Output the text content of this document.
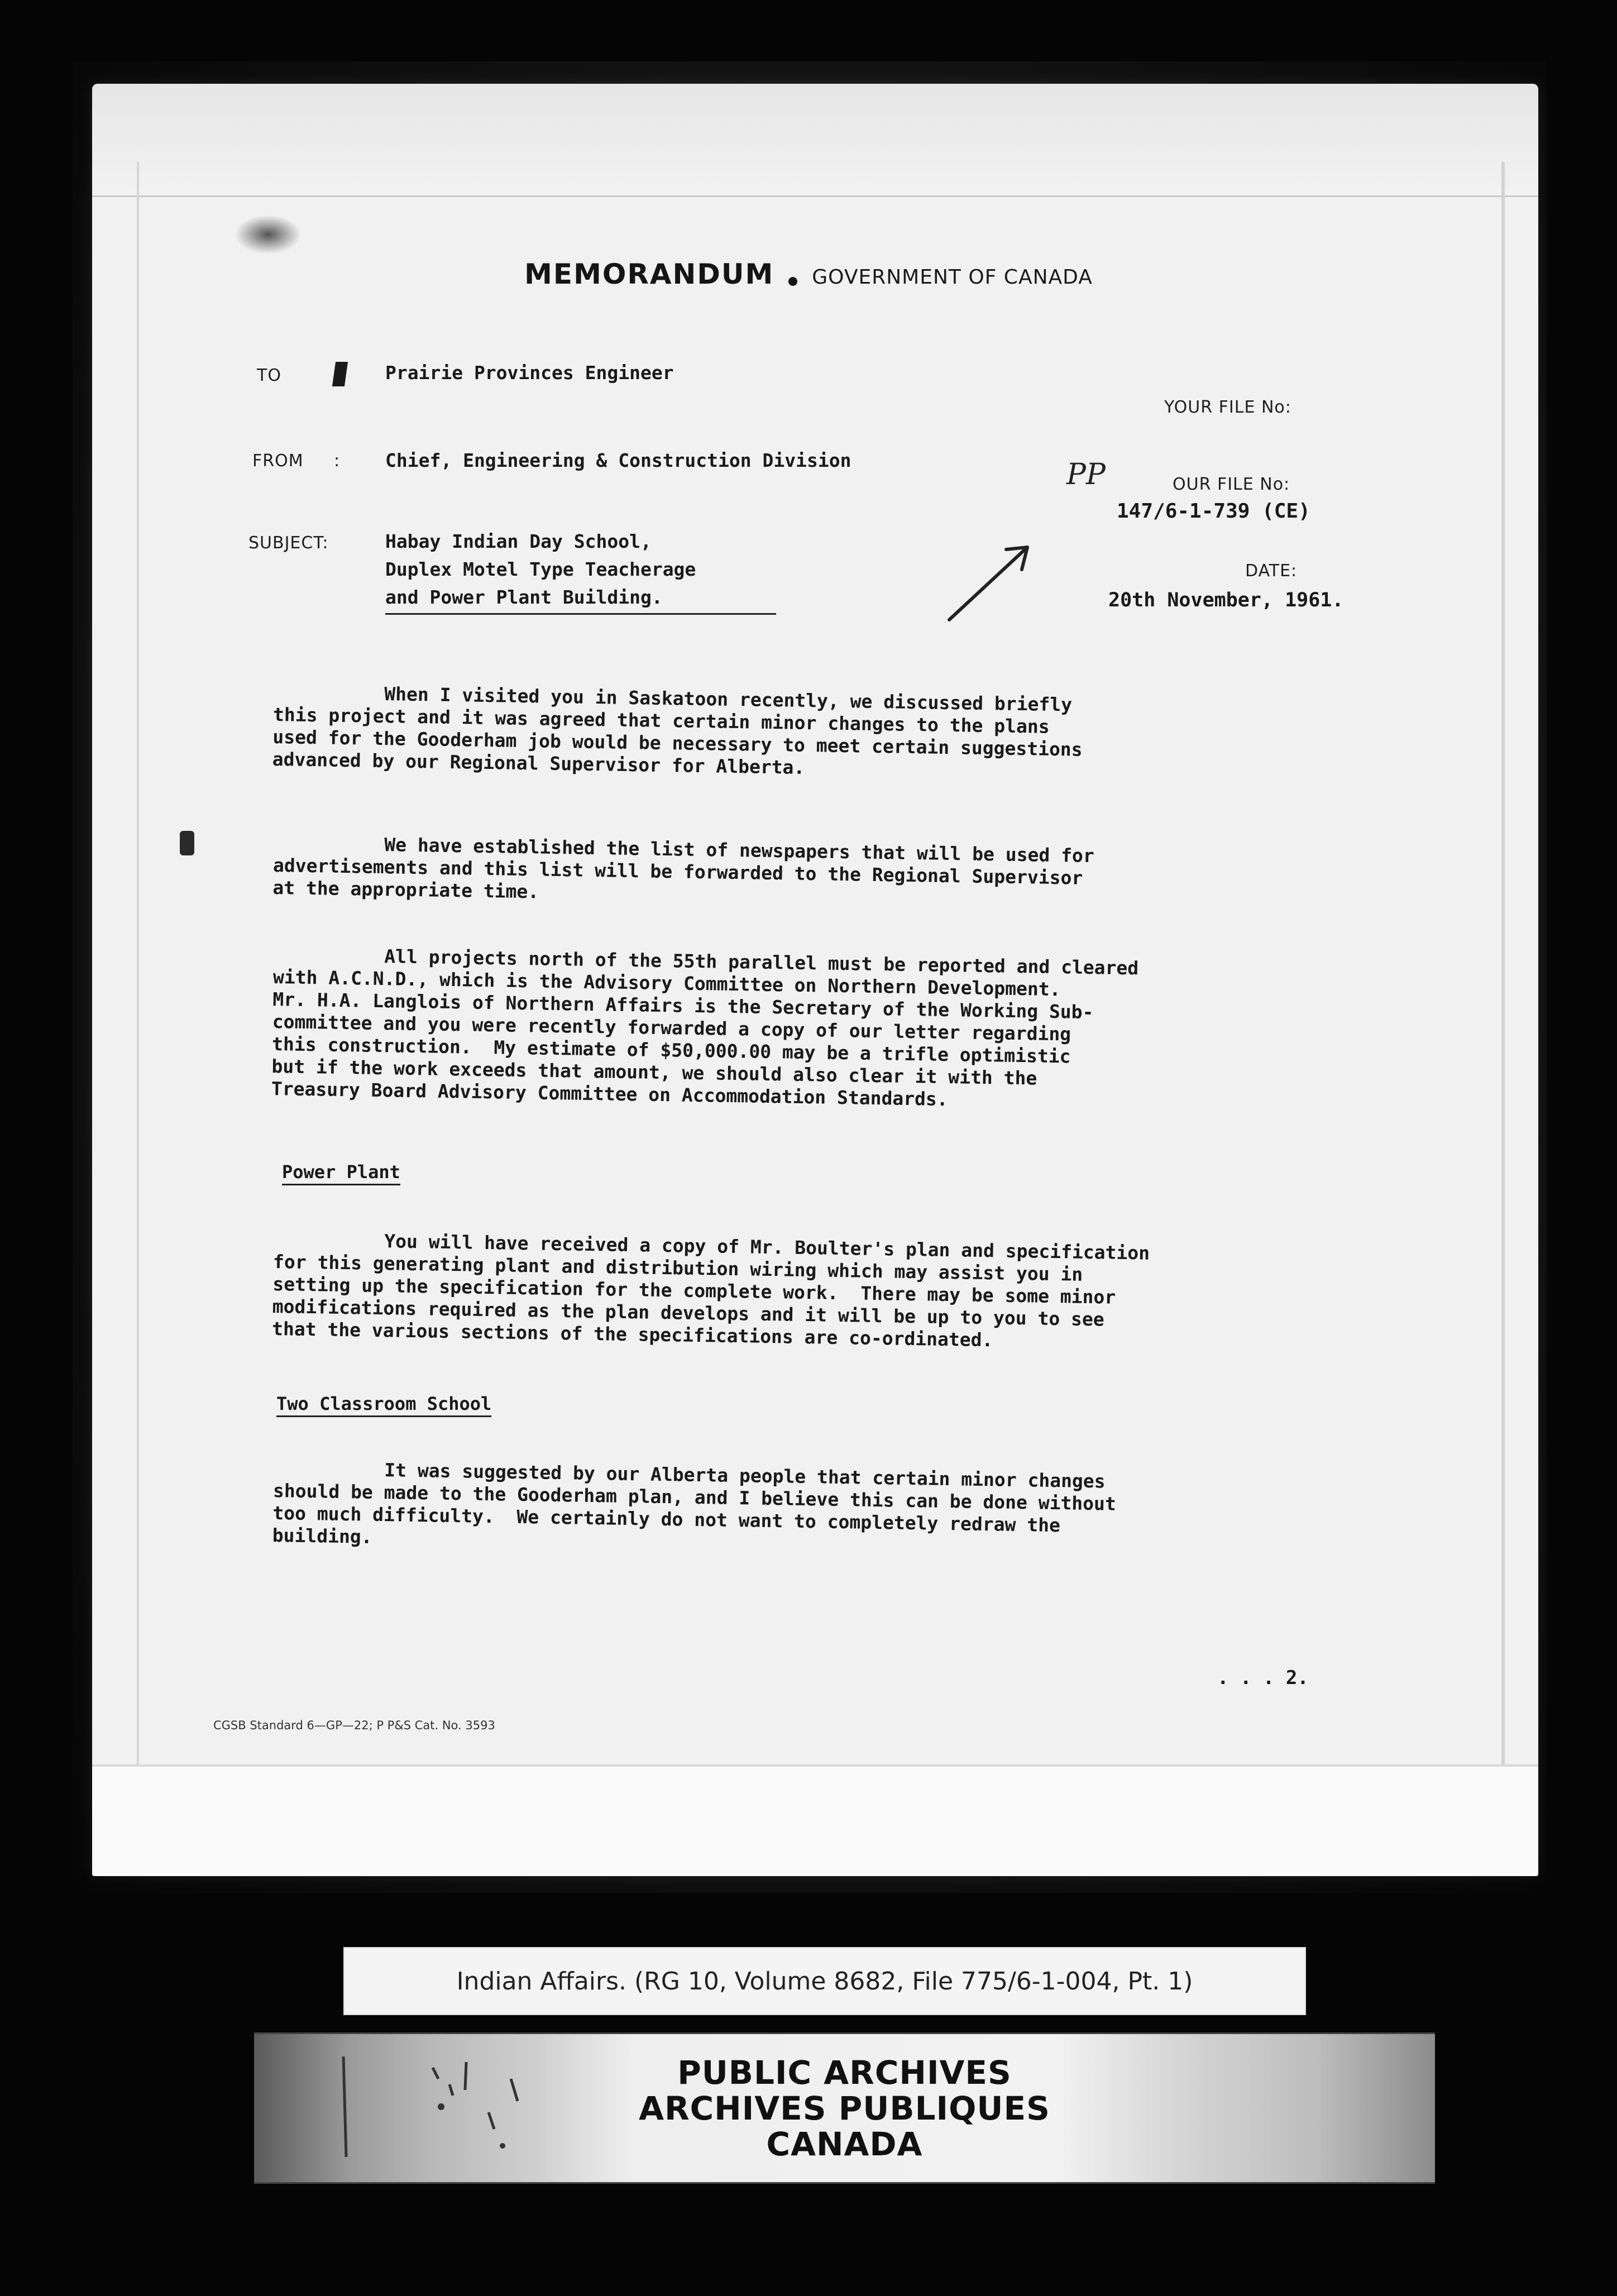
MEMORANDUM GOVERNMENT OF CANADA
TO	Prairie Provinces Engineer
YOUR FILE No:
FROM : Chief, Engineering & Construction Division
OUR FILE No:
PP
147/6-1-739 (CE)
SUBJECT:	Habay Indian Day School,
Duplex Motel Type Teacherage
and Power Plant Building.
DATE:
20th November, 1961.
When I visited you in Saskatoon recently, we discussed briefly
this project and it was agreed that certain minor changes to the plans
used for the Gooderham job would be necessary to meet certain suggestions
advanced by our Regional Supervisor for Alberta.
We have established the list of newspapers that will be used for
advertisements and this list will be forwarded to the Regional Supervisor
at the appropriate time.
All projects north of the 55th parallel must be reported and cleared
with A.C.N.D., which is the Advisory Committee on Northern Development.
Mr. H.A. Langlois of Northern Affairs is the Secretary of the Working Sub-
committee and you were recently forwarded a copy of our letter regarding
this construction.  My estimate of $50,000.00 may be a trifle optimistic
but if the work exceeds that amount, we should also clear it with the
Treasury Board Advisory Committee on Accommodation Standards.
Power Plant
You will have received a copy of Mr. Boulter's plan and specification
for this generating plant and distribution wiring which may assist you in
setting up the specification for the complete work.  There may be some minor
modifications required as the plan develops and it will be up to you to see
that the various sections of the specifications are co-ordinated.
Two Classroom School
It was suggested by our Alberta people that certain minor changes
should be made to the Gooderham plan, and I believe this can be done without
too much difficulty.  We certainly do not want to completely redraw the
building.
. . . 2.
CGSB Standard 6—GP—22; P P&S Cat. No. 3593
Indian Affairs. (RG 10, Volume 8682, File 775/6-1-004, Pt. 1)
PUBLIC ARCHIVES
ARCHIVES PUBLIQUES
CANADA
